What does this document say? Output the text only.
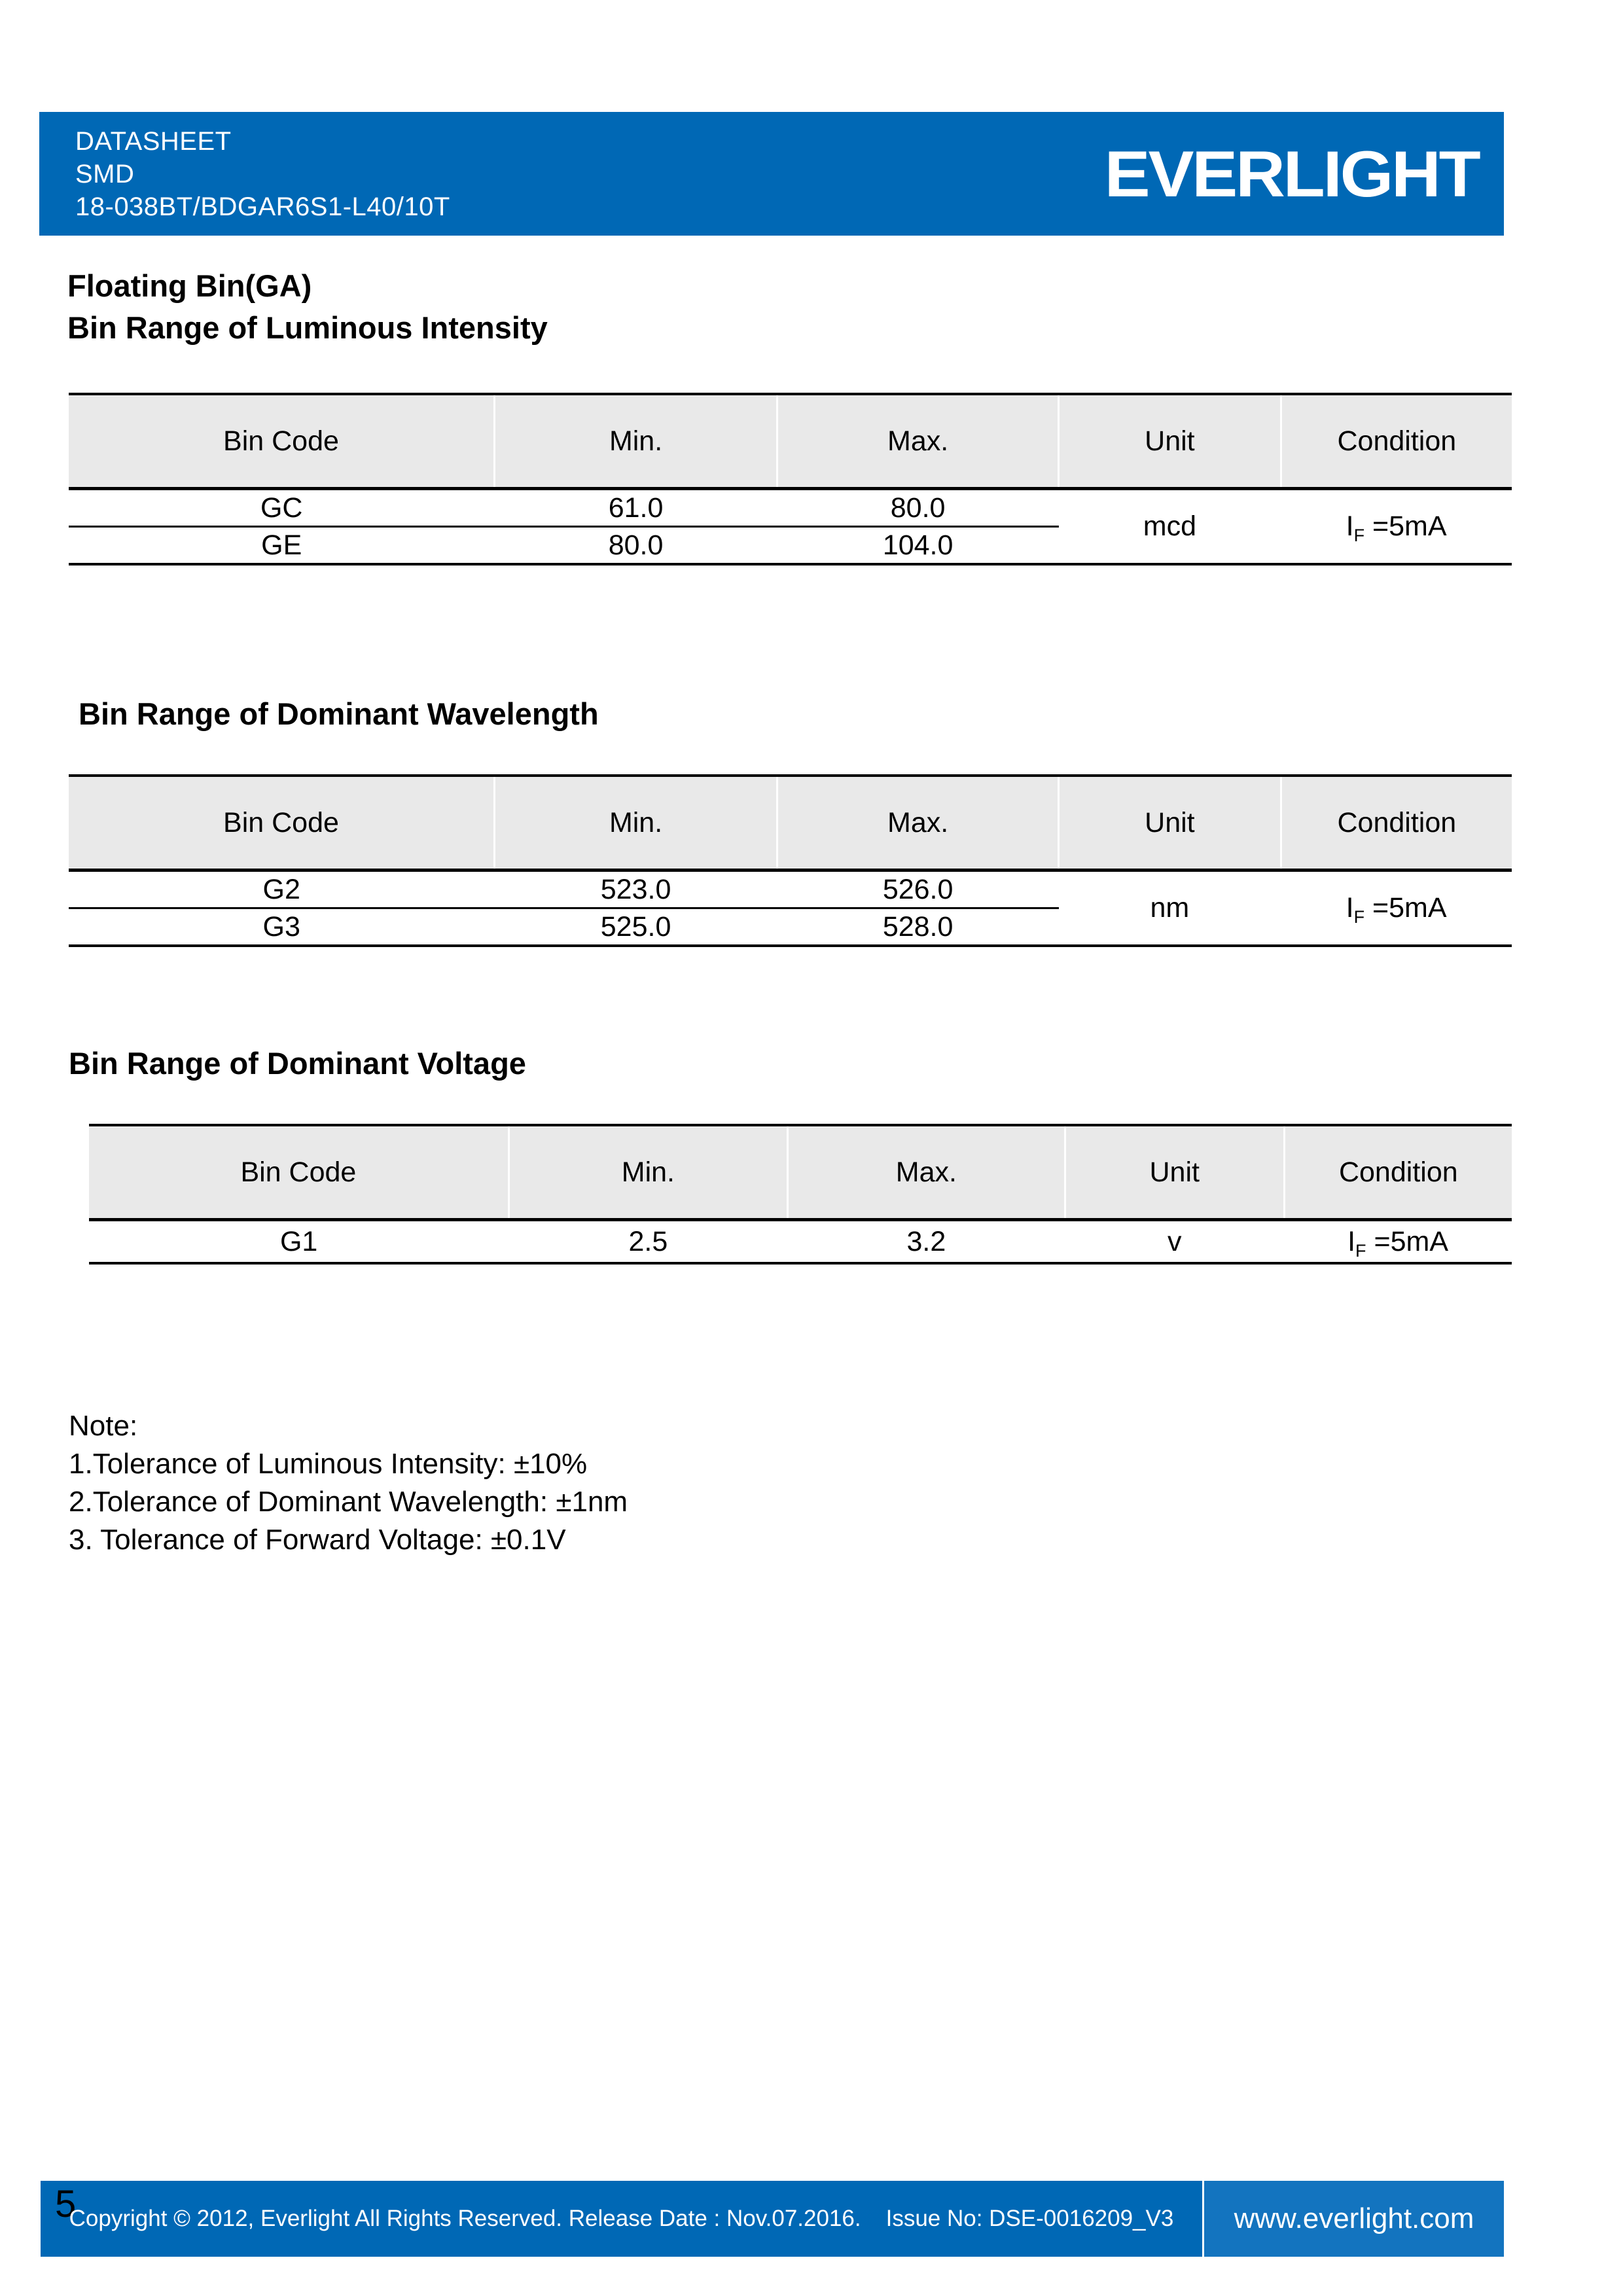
DATASHEET
SMD
18-038BT/BDGAR6S1-L40/10T	EVERLIGHT
Floating Bin(GA)
Bin Range of Luminous Intensity
Bin Code	Min.	Max.	Unit	Condition
GC	61.0	80.0	mcd	$I_F =5mA$
GE	80.0	104.0		
Bin Range of Dominant Wavelength
Bin Code	Min.	Max.	Unit	Condition
G2	523.0	526.0	nm	$I_F =5mA$
G3	525.0	528.0		
Bin Range of Dominant Voltage
Bin Code	Min.	Max.	Unit	Condition
G1	2.5	3.2	v	$I_F =5mA$
Note:
1.Tolerance of Luminous Intensity: ±10%
2.Tolerance of Dominant Wavelength: ±1nm
3. Tolerance of Forward Voltage: ±0.1V
5
Copyright © 2012, Everlight All Rights Reserved. Release Date : Nov.07.2016. Issue No: DSE-0016209_V3 www.everlight.com
